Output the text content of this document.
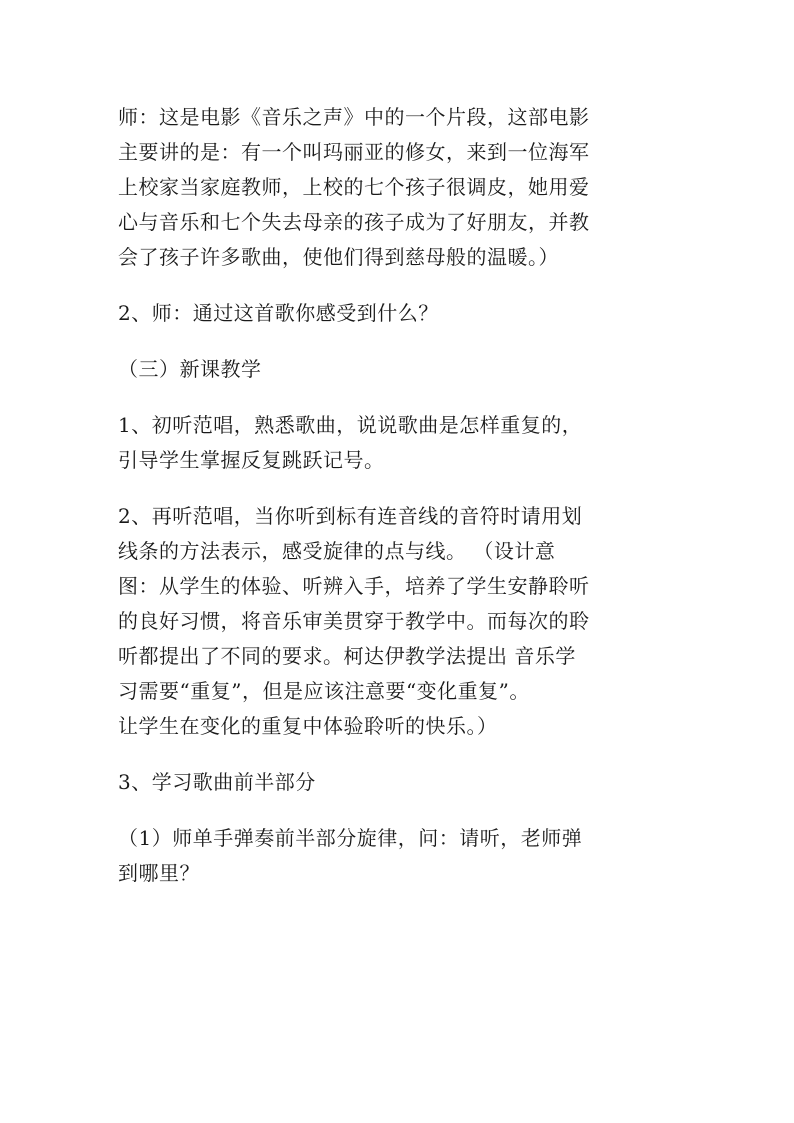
师：这是电影《音乐之声》中的一个片段，这部电影
主要讲的是：有一个叫玛丽亚的修女，来到一位海军
上校家当家庭教师，上校的七个孩子很调皮，她用爱
心与音乐和七个失去母亲的孩子成为了好朋友，并教
会了孩子许多歌曲，使他们得到慈母般的温暖。）

2、师：通过这首歌你感受到什么？

（三）新课教学

1、初听范唱，熟悉歌曲，说说歌曲是怎样重复的，
引导学生掌握反复跳跃记号。

2、再听范唱，当你听到标有连音线的音符时请用划
线条的方法表示，感受旋律的点与线。 （设计意
图：从学生的体验、听辨入手，培养了学生安静聆听
的良好习惯，将音乐审美贯穿于教学中。而每次的聆
听都提出了不同的要求。柯达伊教学法提出 音乐学
习需要“重复”，但是应该注意要“变化重复”。
让学生在变化的重复中体验聆听的快乐。）

3、学习歌曲前半部分

（1）师单手弹奏前半部分旋律，问：请听，老师弹
到哪里？
